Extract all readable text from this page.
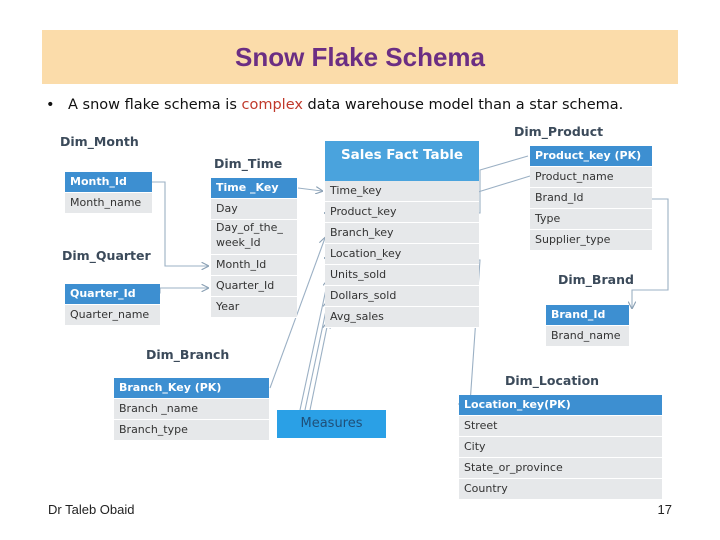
Snow Flake Schema
• A snow flake schema is complex data warehouse model than a star schema.
Dim_Month
Month_Id
Month_name
Dim_Quarter
Quarter_Id
Quarter_name
Dim_Time
Time _Key
Day
Day_of_the_
week_Id
Month_Id
Quarter_Id
Year
Dim_Branch
Branch_Key (PK)
Branch _name
Branch_type
Sales Fact Table
Time_key
Product_key
Branch_key
Location_key
Units_sold
Dollars_sold
Avg_sales
Measures
Dim_Product
Product_key (PK)
Product_name
Brand_Id
Type
Supplier_type
Dim_Brand
Brand_Id
Brand_name
Dim_Location
Location_key(PK)
Street
City
State_or_province
Country
Dr Taleb Obaid	17
